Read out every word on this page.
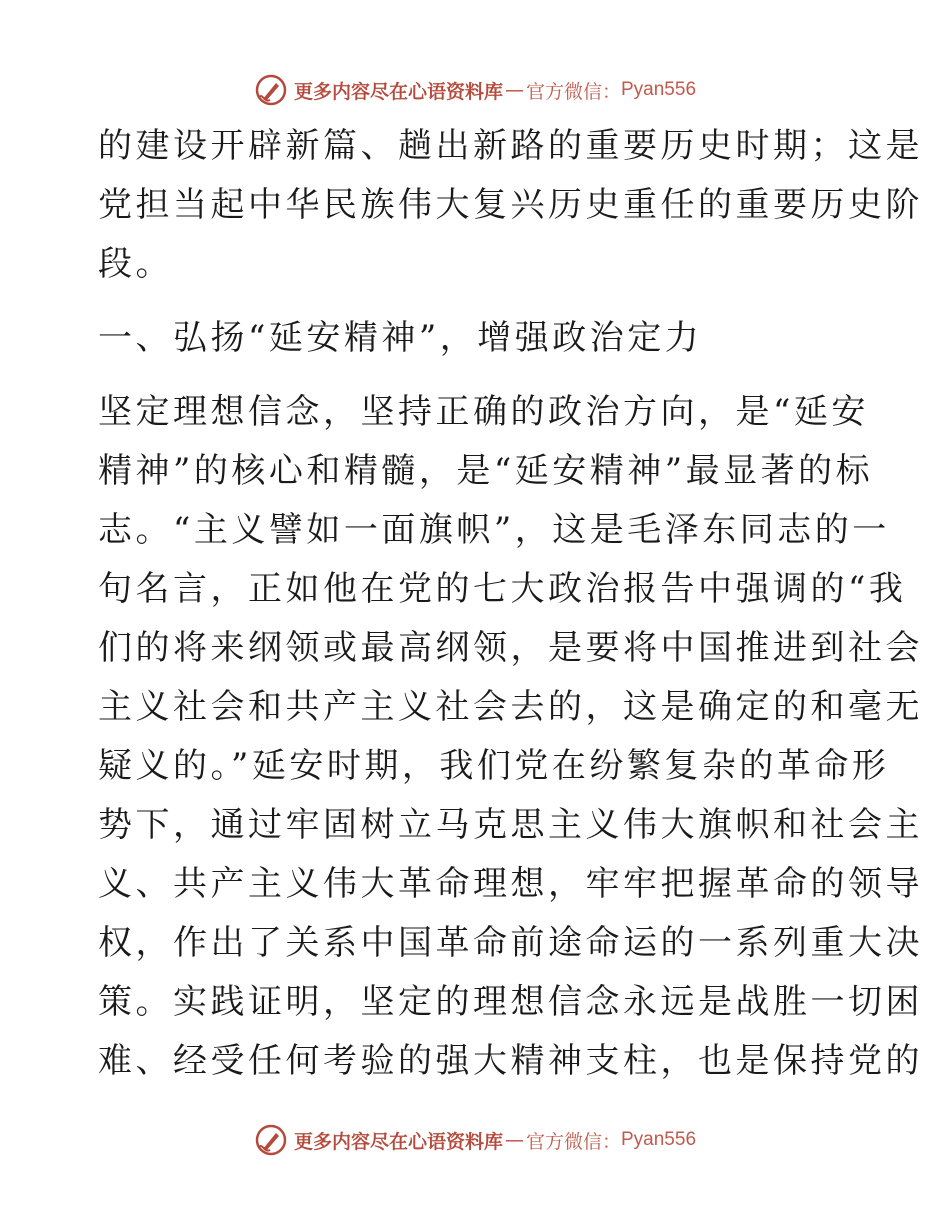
更多内容尽在心语资料库 — 官方微信： Pyan556
的建设开辟新篇、趟出新路的重要历史时期；这是
党担当起中华民族伟大复兴历史重任的重要历史阶
段。
一、弘扬“延安精神”，增强政治定力
坚定理想信念，坚持正确的政治方向，是“延安
精神”的核心和精髓，是“延安精神”最显著的标
志。“主义譬如一面旗帜”，这是毛泽东同志的一
句名言，正如他在党的七大政治报告中强调的“我
们的将来纲领或最高纲领，是要将中国推进到社会
主义社会和共产主义社会去的，这是确定的和毫无
疑义的。”延安时期，我们党在纷繁复杂的革命形
势下，通过牢固树立马克思主义伟大旗帜和社会主
义、共产主义伟大革命理想，牢牢把握革命的领导
权，作出了关系中国革命前途命运的一系列重大决
策。实践证明，坚定的理想信念永远是战胜一切困
难、经受任何考验的强大精神支柱，也是保持党的
更多内容尽在心语资料库 — 官方微信： Pyan556
